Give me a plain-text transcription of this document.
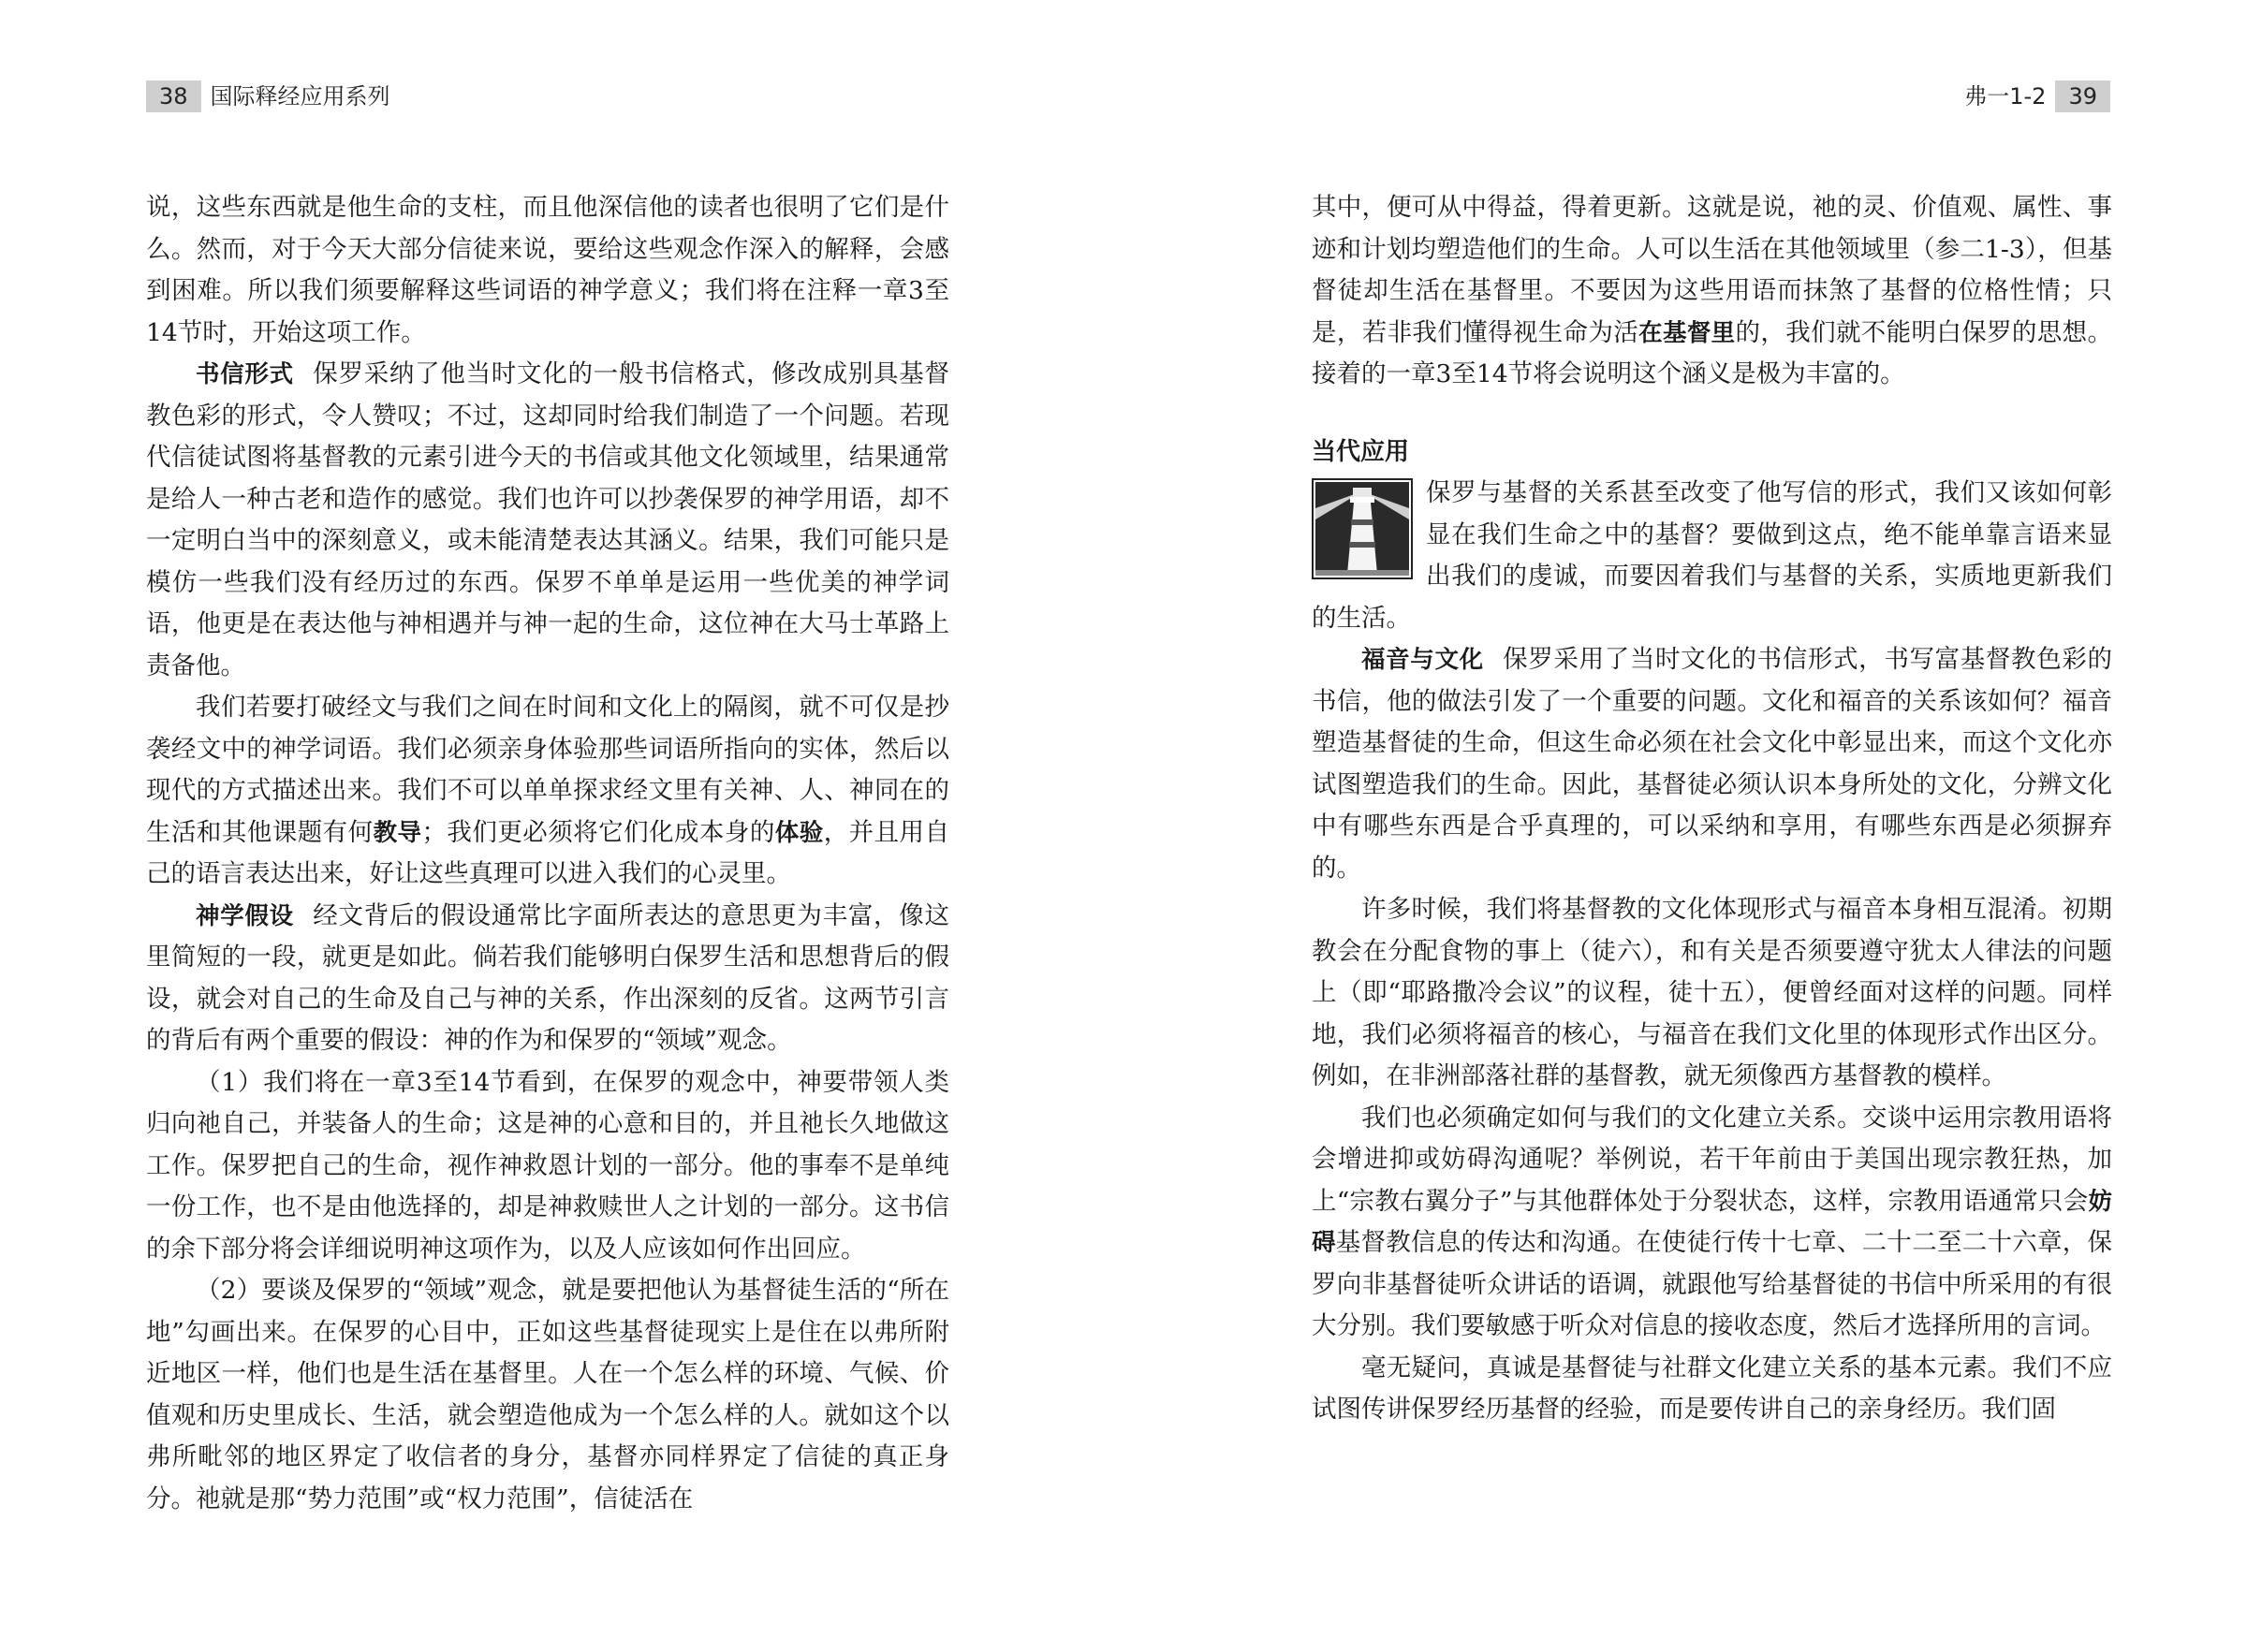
38	国际释经应用系列

说，这些东西就是他生命的支柱，而且他深信他的读者也很明了它们是什么。然而，对于今天大部分信徒来说，要给这些观念作深入的解释，会感到困难。所以我们须要解释这些词语的神学意义；我们将在注释一章3至14节时，开始这项工作。

书信形式 保罗采纳了他当时文化的一般书信格式，修改成别具基督教色彩的形式，令人赞叹；不过，这却同时给我们制造了一个问题。若现代信徒试图将基督教的元素引进今天的书信或其他文化领域里，结果通常是给人一种古老和造作的感觉。我们也许可以抄袭保罗的神学用语，却不一定明白当中的深刻意义，或未能清楚表达其涵义。结果，我们可能只是模仿一些我们没有经历过的东西。保罗不单单是运用一些优美的神学词语，他更是在表达他与神相遇并与神一起的生命，这位神在大马士革路上责备他。

我们若要打破经文与我们之间在时间和文化上的隔阂，就不可仅是抄袭经文中的神学词语。我们必须亲身体验那些词语所指向的实体，然后以现代的方式描述出来。我们不可以单单探求经文里有关神、人、神同在的生活和其他课题有何教导；我们更必须将它们化成本身的体验，并且用自己的语言表达出来，好让这些真理可以进入我们的心灵里。

神学假设 经文背后的假设通常比字面所表达的意思更为丰富，像这里简短的一段，就更是如此。倘若我们能够明白保罗生活和思想背后的假设，就会对自己的生命及自己与神的关系，作出深刻的反省。这两节引言的背后有两个重要的假设：神的作为和保罗的“领域”观念。

（1）我们将在一章3至14节看到，在保罗的观念中，神要带领人类归向祂自己，并装备人的生命；这是神的心意和目的，并且祂长久地做这工作。保罗把自己的生命，视作神救恩计划的一部分。他的事奉不是单纯一份工作，也不是由他选择的，却是神救赎世人之计划的一部分。这书信的余下部分将会详细说明神这项作为，以及人应该如何作出回应。

（2）要谈及保罗的“领域”观念，就是要把他认为基督徒生活的“所在地”勾画出来。在保罗的心目中，正如这些基督徒现实上是住在以弗所附近地区一样，他们也是生活在基督里。人在一个怎么样的环境、气候、价值观和历史里成长、生活，就会塑造他成为一个怎么样的人。就如这个以弗所毗邻的地区界定了收信者的身分，基督亦同样界定了信徒的真正身分。祂就是那“势力范围”或“权力范围”，信徒活在

弗一1-2	39

其中，便可从中得益，得着更新。这就是说，祂的灵、价值观、属性、事迹和计划均塑造他们的生命。人可以生活在其他领域里（参二1-3），但基督徒却生活在基督里。不要因为这些用语而抹煞了基督的位格性情；只是，若非我们懂得视生命为活在基督里的，我们就不能明白保罗的思想。接着的一章3至14节将会说明这个涵义是极为丰富的。

当代应用

保罗与基督的关系甚至改变了他写信的形式，我们又该如何彰显在我们生命之中的基督？要做到这点，绝不能单靠言语来显出我们的虔诚，而要因着我们与基督的关系，实质地更新我们的生活。

福音与文化 保罗采用了当时文化的书信形式，书写富基督教色彩的书信，他的做法引发了一个重要的问题。文化和福音的关系该如何？福音塑造基督徒的生命，但这生命必须在社会文化中彰显出来，而这个文化亦试图塑造我们的生命。因此，基督徒必须认识本身所处的文化，分辨文化中有哪些东西是合乎真理的，可以采纳和享用，有哪些东西是必须摒弃的。

许多时候，我们将基督教的文化体现形式与福音本身相互混淆。初期教会在分配食物的事上（徒六），和有关是否须要遵守犹太人律法的问题上（即“耶路撒冷会议”的议程，徒十五），便曾经面对这样的问题。同样地，我们必须将福音的核心，与福音在我们文化里的体现形式作出区分。例如，在非洲部落社群的基督教，就无须像西方基督教的模样。

我们也必须确定如何与我们的文化建立关系。交谈中运用宗教用语将会增进抑或妨碍沟通呢？举例说，若干年前由于美国出现宗教狂热，加上“宗教右翼分子”与其他群体处于分裂状态，这样，宗教用语通常只会妨碍基督教信息的传达和沟通。在使徒行传十七章、二十二至二十六章，保罗向非基督徒听众讲话的语调，就跟他写给基督徒的书信中所采用的有很大分别。我们要敏感于听众对信息的接收态度，然后才选择所用的言词。

毫无疑问，真诚是基督徒与社群文化建立关系的基本元素。我们不应试图传讲保罗经历基督的经验，而是要传讲自己的亲身经历。我们固
